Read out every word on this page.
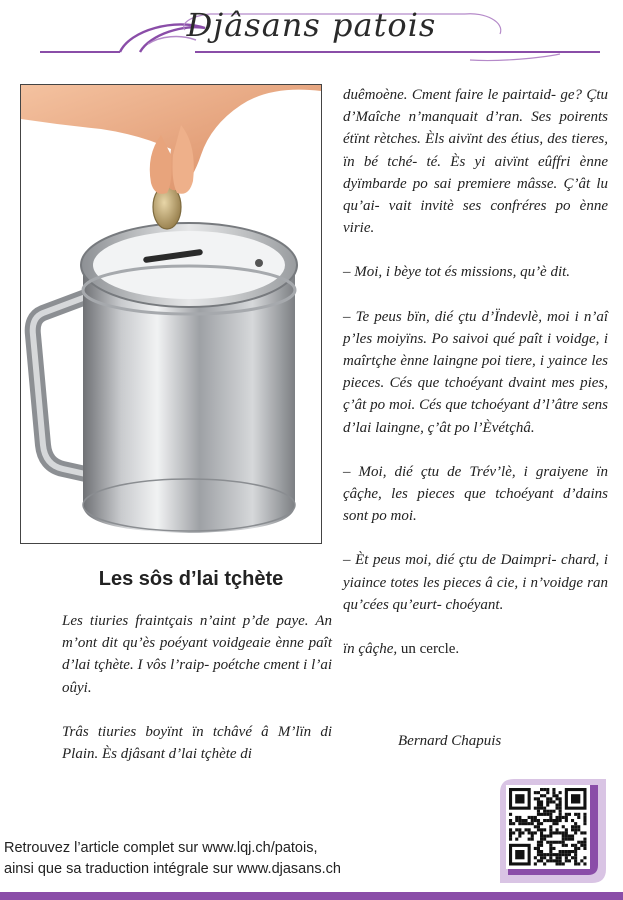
Djâsans patois
Les sôs d’lai tçhète

Les tiuries fraintçais n’aint p’de paye. An m’ont dit qu’ès poéyant voidgeaie ènne paît d’lai tçhète. I vôs l’raip- poétche cment i l’ai oûyi.

Trâs tiuries boyïnt ïn tchâvé â M’lïn di Plain. Ès djâsant d’lai tçhète di

duêmoène. Cment faire le pairtaid- ge? Çtu d’Maîche n’manquait d’ran. Ses poirents étïnt rètches. Èls aivïnt des étius, des tieres, ïn bé tché- té. Ès yi aivïnt eûffri ènne dyïmbarde po sai premiere mâsse. Ç’ât lu qu’ai- vait invitè ses confréres po ènne virie.

– Moi, i bèye tot és missions, qu’è dit.

– Te peus bïn, dié çtu d’Ïndevlè, moi i n’aî p’les moiyïns. Po saivoi qué paît i voidge, i maîrtçhe ènne laingne poi tiere, i yaince les pieces. Cés que tchoéyant dvaint mes pies, ç’ât po moi. Cés que tchoéyant d’l’âtre sens d’lai laingne, ç’ât po l’Èvétçhâ.

– Moi, dié çtu de Trév’lè, i graiyene ïn çâçhe, les pieces que tchoéyant d’dains sont po moi.

– Èt peus moi, dié çtu de Daimpri- chard, i yiaince totes les pieces â cie, i n’voidge ran qu’cées qu’eurt- choéyant.

ïn çâçhe, un cercle.

Bernard Chapuis
Retrouvez l’article complet sur www.lqj.ch/patois,
ainsi que sa traduction intégrale sur www.djasans.ch
